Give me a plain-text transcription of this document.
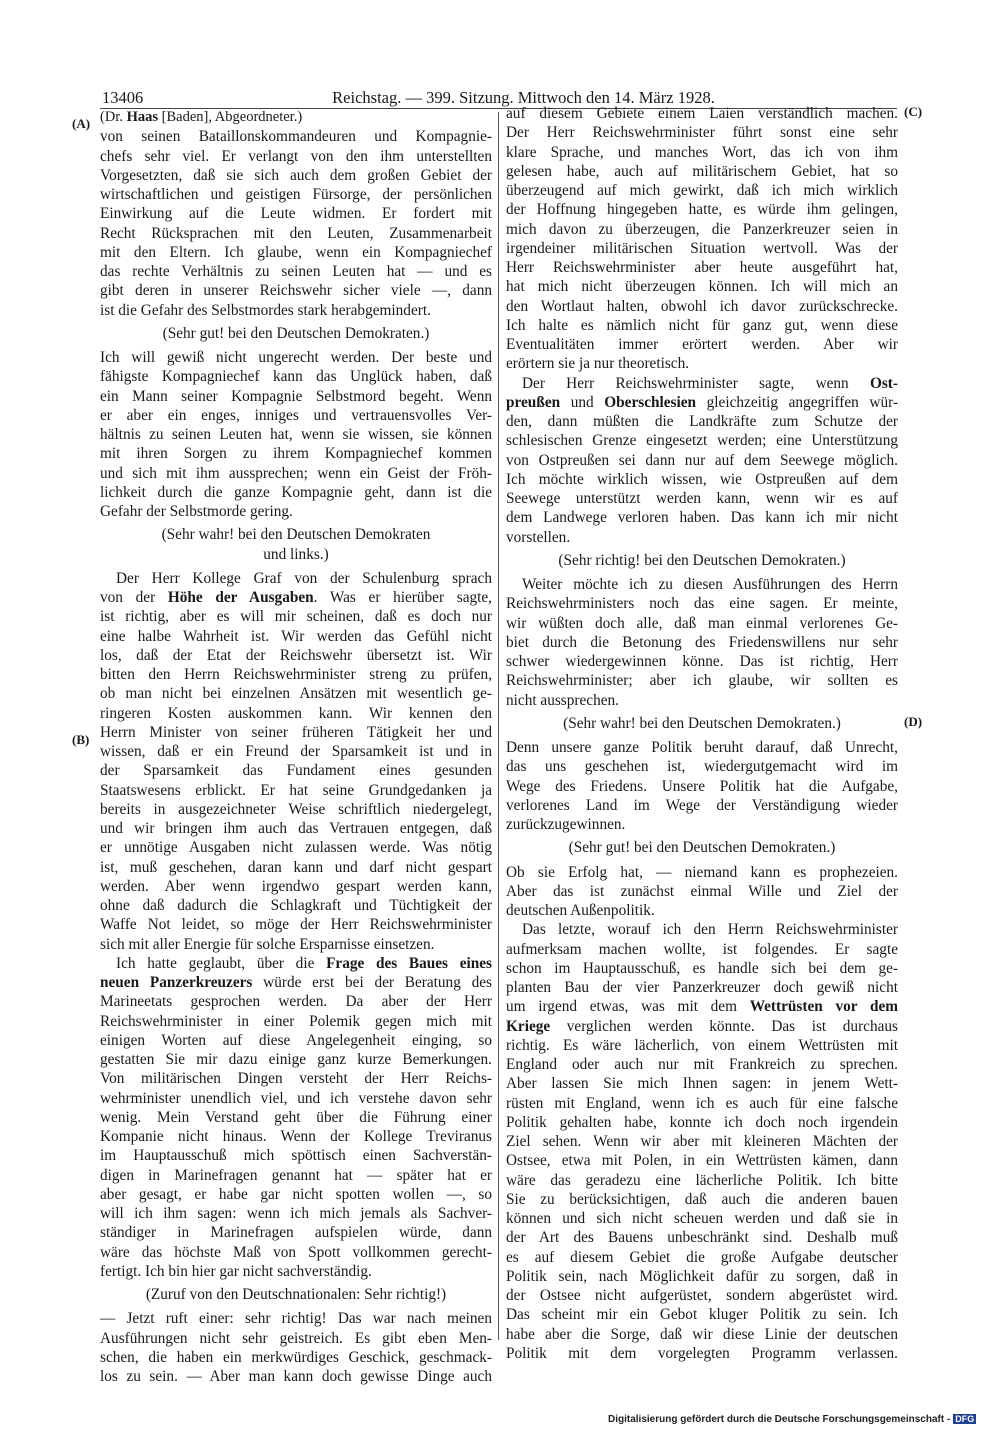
13406	Reichstag. — 399. Sitzung. Mittwoch den 14. März 1928.
(A)
(B)
(C)
(D)
(Dr. Haas [Baden], Abgeordneter.)
von seinen Bataillonskommandeuren und Kompagnie-
chefs sehr viel. Er verlangt von den ihm unterstellten
Vorgesetzten, daß sie sich auch dem großen Gebiet der
wirtschaftlichen und geistigen Fürsorge, der persönlichen
Einwirkung auf die Leute widmen. Er fordert mit
Recht Rücksprachen mit den Leuten, Zusammenarbeit
mit den Eltern. Ich glaube, wenn ein Kompagniechef
das rechte Verhältnis zu seinen Leuten hat — und es
gibt deren in unserer Reichswehr sicher viele —, dann
ist die Gefahr des Selbstmordes stark herabgemindert.
(Sehr gut! bei den Deutschen Demokraten.)
Ich will gewiß nicht ungerecht werden. Der beste und
fähigste Kompagniechef kann das Unglück haben, daß
ein Mann seiner Kompagnie Selbstmord begeht. Wenn
er aber ein enges, inniges und vertrauensvolles Ver-
hältnis zu seinen Leuten hat, wenn sie wissen, sie können
mit ihren Sorgen zu ihrem Kompagniechef kommen
und sich mit ihm aussprechen; wenn ein Geist der Fröh-
lichkeit durch die ganze Kompagnie geht, dann ist die
Gefahr der Selbstmorde gering.
(Sehr wahr! bei den Deutschen Demokraten
und links.)
Der Herr Kollege Graf von der Schulenburg sprach
von der Höhe der Ausgaben. Was er hierüber sagte,
ist richtig, aber es will mir scheinen, daß es doch nur
eine halbe Wahrheit ist. Wir werden das Gefühl nicht
los, daß der Etat der Reichswehr übersetzt ist. Wir
bitten den Herrn Reichswehrminister streng zu prüfen,
ob man nicht bei einzelnen Ansätzen mit wesentlich ge-
ringeren Kosten auskommen kann. Wir kennen den
Herrn Minister von seiner früheren Tätigkeit her und
wissen, daß er ein Freund der Sparsamkeit ist und in
der Sparsamkeit das Fundament eines gesunden
Staatswesens erblickt. Er hat seine Grundgedanken ja
bereits in ausgezeichneter Weise schriftlich niedergelegt,
und wir bringen ihm auch das Vertrauen entgegen, daß
er unnötige Ausgaben nicht zulassen werde. Was nötig
ist, muß geschehen, daran kann und darf nicht gespart
werden. Aber wenn irgendwo gespart werden kann,
ohne daß dadurch die Schlagkraft und Tüchtigkeit der
Waffe Not leidet, so möge der Herr Reichswehrminister
sich mit aller Energie für solche Ersparnisse einsetzen.
Ich hatte geglaubt, über die Frage des Baues eines
neuen Panzerkreuzers würde erst bei der Beratung des
Marineetats gesprochen werden. Da aber der Herr
Reichswehrminister in einer Polemik gegen mich mit
einigen Worten auf diese Angelegenheit einging, so
gestatten Sie mir dazu einige ganz kurze Bemerkungen.
Von militärischen Dingen versteht der Herr Reichs-
wehrminister unendlich viel, und ich verstehe davon sehr
wenig. Mein Verstand geht über die Führung einer
Kompanie nicht hinaus. Wenn der Kollege Treviranus
im Hauptausschuß mich spöttisch einen Sachverstän-
digen in Marinefragen genannt hat — später hat er
aber gesagt, er habe gar nicht spotten wollen —, so
will ich ihm sagen: wenn ich mich jemals als Sachver-
ständiger in Marinefragen aufspielen würde, dann
wäre das höchste Maß von Spott vollkommen gerecht-
fertigt. Ich bin hier gar nicht sachverständig.
(Zuruf von den Deutschnationalen: Sehr richtig!)
— Jetzt ruft einer: sehr richtig! Das war nach meinen
Ausführungen nicht sehr geistreich. Es gibt eben Men-
schen, die haben ein merkwürdiges Geschick, geschmack-
los zu sein. — Aber man kann doch gewisse Dinge auch
auf diesem Gebiete einem Laien verständlich machen.
Der Herr Reichswehrminister führt sonst eine sehr
klare Sprache, und manches Wort, das ich von ihm
gelesen habe, auch auf militärischem Gebiet, hat so
überzeugend auf mich gewirkt, daß ich mich wirklich
der Hoffnung hingegeben hatte, es würde ihm gelingen,
mich davon zu überzeugen, die Panzerkreuzer seien in
irgendeiner militärischen Situation wertvoll. Was der
Herr Reichswehrminister aber heute ausgeführt hat,
hat mich nicht überzeugen können. Ich will mich an
den Wortlaut halten, obwohl ich davor zurückschrecke.
Ich halte es nämlich nicht für ganz gut, wenn diese
Eventualitäten immer erörtert werden. Aber wir
erörtern sie ja nur theoretisch.
Der Herr Reichswehrminister sagte, wenn Ost-
preußen und Oberschlesien gleichzeitig angegriffen wür-
den, dann müßten die Landkräfte zum Schutze der
schlesischen Grenze eingesetzt werden; eine Unterstützung
von Ostpreußen sei dann nur auf dem Seewege möglich.
Ich möchte wirklich wissen, wie Ostpreußen auf dem
Seewege unterstützt werden kann, wenn wir es auf
dem Landwege verloren haben. Das kann ich mir nicht
vorstellen.
(Sehr richtig! bei den Deutschen Demokraten.)
Weiter möchte ich zu diesen Ausführungen des Herrn
Reichswehrministers noch das eine sagen. Er meinte,
wir wüßten doch alle, daß man einmal verlorenes Ge-
biet durch die Betonung des Friedenswillens nur sehr
schwer wiedergewinnen könne. Das ist richtig, Herr
Reichswehrminister; aber ich glaube, wir sollten es
nicht aussprechen.
(Sehr wahr! bei den Deutschen Demokraten.)
Denn unsere ganze Politik beruht darauf, daß Unrecht,
das uns geschehen ist, wiedergutgemacht wird im
Wege des Friedens. Unsere Politik hat die Aufgabe,
verlorenes Land im Wege der Verständigung wieder
zurückzugewinnen.
(Sehr gut! bei den Deutschen Demokraten.)
Ob sie Erfolg hat, — niemand kann es prophezeien.
Aber das ist zunächst einmal Wille und Ziel der
deutschen Außenpolitik.
Das letzte, worauf ich den Herrn Reichswehrminister
aufmerksam machen wollte, ist folgendes. Er sagte
schon im Hauptausschuß, es handle sich bei dem ge-
planten Bau der vier Panzerkreuzer doch gewiß nicht
um irgend etwas, was mit dem Wettrüsten vor dem
Kriege verglichen werden könnte. Das ist durchaus
richtig. Es wäre lächerlich, von einem Wettrüsten mit
England oder auch nur mit Frankreich zu sprechen.
Aber lassen Sie mich Ihnen sagen: in jenem Wett-
rüsten mit England, wenn ich es auch für eine falsche
Politik gehalten habe, konnte ich doch noch irgendein
Ziel sehen. Wenn wir aber mit kleineren Mächten der
Ostsee, etwa mit Polen, in ein Wettrüsten kämen, dann
wäre das geradezu eine lächerliche Politik. Ich bitte
Sie zu berücksichtigen, daß auch die anderen bauen
können und sich nicht scheuen werden und daß sie in
der Art des Bauens unbeschränkt sind. Deshalb muß
es auf diesem Gebiet die große Aufgabe deutscher
Politik sein, nach Möglichkeit dafür zu sorgen, daß in
der Ostsee nicht aufgerüstet, sondern abgerüstet wird.
Das scheint mir ein Gebot kluger Politik zu sein. Ich
habe aber die Sorge, daß wir diese Linie der deutschen
Politik mit dem vorgelegten Programm verlassen.
Digitalisierung gefördert durch die Deutsche Forschungsgemeinschaft - DFG
